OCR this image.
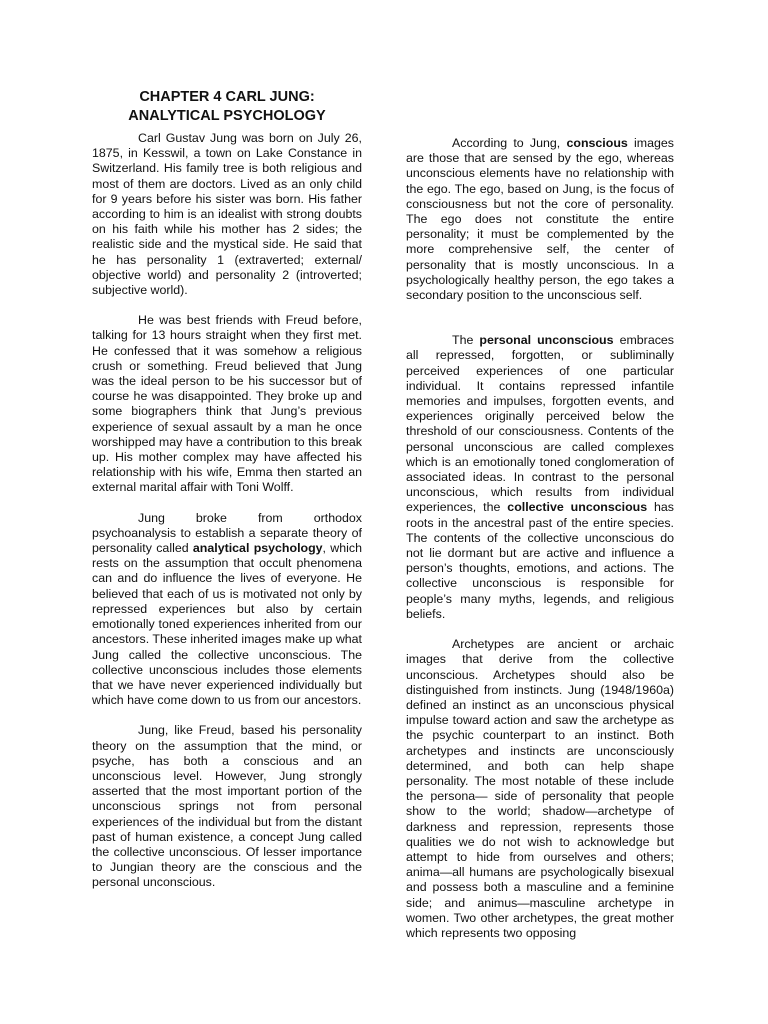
CHAPTER 4 CARL JUNG:
ANALYTICAL PSYCHOLOGY

Carl Gustav Jung was born on July 26, 1875, in Kesswil, a town on Lake Constance in Switzerland. His family tree is both religious and most of them are doctors. Lived as an only child for 9 years before his sister was born. His father according to him is an idealist with strong doubts on his faith while his mother has 2 sides; the realistic side and the mystical side. He said that he has personality 1 (extraverted; external/ objective world) and personality 2 (introverted; subjective world).

He was best friends with Freud before, talking for 13 hours straight when they first met. He confessed that it was somehow a religious crush or something. Freud believed that Jung was the ideal person to be his successor but of course he was disappointed. They broke up and some biographers think that Jung’s previous experience of sexual assault by a man he once worshipped may have a contribution to this break up. His mother complex may have affected his relationship with his wife, Emma then started an external marital affair with Toni Wolff.

Jung broke from orthodox psychoanalysis to establish a separate theory of personality called analytical psychology, which rests on the assumption that occult phenomena can and do influence the lives of everyone. He believed that each of us is motivated not only by repressed experiences but also by certain emotionally toned experiences inherited from our ancestors. These inherited images make up what Jung called the collective unconscious. The collective unconscious includes those elements that we have never experienced individually but which have come down to us from our ancestors.

Jung, like Freud, based his personality theory on the assumption that the mind, or psyche, has both a conscious and an unconscious level. However, Jung strongly asserted that the most important portion of the unconscious springs not from personal experiences of the individual but from the distant past of human existence, a concept Jung called the collective unconscious. Of lesser importance to Jungian theory are the conscious and the personal unconscious.

According to Jung, conscious images are those that are sensed by the ego, whereas unconscious elements have no relationship with the ego. The ego, based on Jung, is the focus of consciousness but not the core of personality. The ego does not constitute the entire personality; it must be complemented by the more comprehensive self, the center of personality that is mostly unconscious. In a psychologically healthy person, the ego takes a secondary position to the unconscious self.

The personal unconscious embraces all repressed, forgotten, or subliminally perceived experiences of one particular individual. It contains repressed infantile memories and impulses, forgotten events, and experiences originally perceived below the threshold of our consciousness. Contents of the personal unconscious are called complexes which is an emotionally toned conglomeration of associated ideas. In contrast to the personal unconscious, which results from individual experiences, the collective unconscious has roots in the ancestral past of the entire species. The contents of the collective unconscious do not lie dormant but are active and influence a person’s thoughts, emotions, and actions. The collective unconscious is responsible for people’s many myths, legends, and religious beliefs.

Archetypes are ancient or archaic images that derive from the collective unconscious. Archetypes should also be distinguished from instincts. Jung (1948/1960a) defined an instinct as an unconscious physical impulse toward action and saw the archetype as the psychic counterpart to an instinct. Both archetypes and instincts are unconsciously determined, and both can help shape personality. The most notable of these include the persona— side of personality that people show to the world; shadow—archetype of darkness and repression, represents those qualities we do not wish to acknowledge but attempt to hide from ourselves and others; anima—all humans are psychologically bisexual and possess both a masculine and a feminine side; and animus—masculine archetype in women. Two other archetypes, the great mother which represents two opposing
